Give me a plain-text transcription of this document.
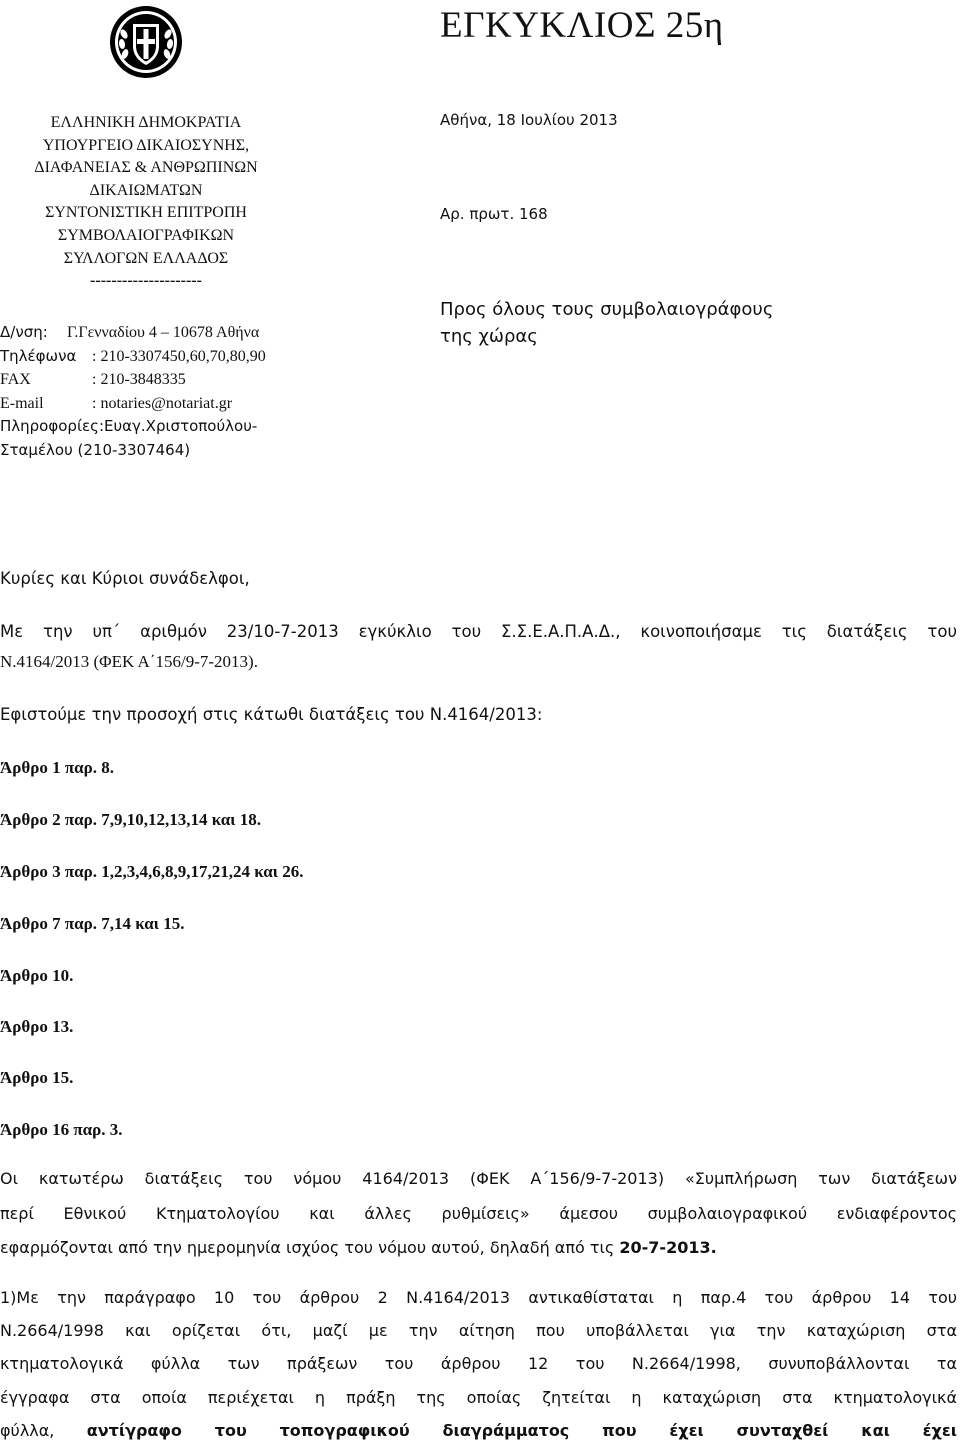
ΕΓΚΥΚΛΙΟΣ 25η
ΕΛΛΗΝΙΚΗ ΔΗΜΟΚΡΑΤΙΑ
ΥΠΟΥΡΓΕΙΟ ΔΙΚΑΙΟΣΥΝΗΣ,
ΔΙΑΦΑΝΕΙΑΣ & ΑΝΘΡΩΠΙΝΩΝ
ΔΙΚΑΙΩΜΑΤΩΝ
ΣΥΝΤΟΝΙΣΤΙΚΗ ΕΠΙΤΡΟΠΗ
ΣΥΜΒΟΛΑΙΟΓΡΑΦΙΚΩΝ
ΣΥΛΛΟΓΩΝ ΕΛΛΑΔΟΣ
---------------------
Δ/νση:	Γ.Γενναδίου 4 – 10678 Αθήνα
Τηλέφωνα : 210-3307450,60,70,80,90
FAX	: 210-3848335
E-mail	: notaries@notariat.gr
Πληροφορίες:Ευαγ.Χριστοπούλου-
Σταμέλου (210-3307464)
Αθήνα, 18 Ιουλίου 2013
Αρ. πρωτ. 168
Προς όλους τους συμβολαιογράφους
της χώρας
Κυρίες και Κύριοι συνάδελφοι,
Με την υπ΄ αριθμόν 23/10-7-2013 εγκύκλιο του Σ.Σ.Ε.Α.Π.Α.Δ., κοινοποιήσαμε τις διατάξεις του
Ν.4164/2013 (ΦΕΚ Α΄156/9-7-2013).
Εφιστούμε την προσοχή στις κάτωθι διατάξεις του Ν.4164/2013:
Άρθρο 1 παρ. 8.
Άρθρο 2 παρ. 7,9,10,12,13,14 και 18.
Άρθρο 3 παρ. 1,2,3,4,6,8,9,17,21,24 και 26.
Άρθρο 7 παρ. 7,14 και 15.
Άρθρο 10.
Άρθρο 13.
Άρθρο 15.
Άρθρο 16 παρ. 3.
Οι κατωτέρω διατάξεις του νόμου 4164/2013 (ΦΕΚ Α΄156/9-7-2013) «Συμπλήρωση των διατάξεων
περί Εθνικού Κτηματολογίου και άλλες ρυθμίσεις» άμεσου συμβολαιογραφικού ενδιαφέροντος
εφαρμόζονται από την ημερομηνία ισχύος του νόμου αυτού, δηλαδή από τις 20-7-2013.
1)Με την παράγραφο 10 του άρθρου 2 Ν.4164/2013 αντικαθίσταται η παρ.4 του άρθρου 14 του
Ν.2664/1998 και ορίζεται ότι, μαζί με την αίτηση που υποβάλλεται για την καταχώριση στα
κτηματολογικά φύλλα των πράξεων του άρθρου 12 του Ν.2664/1998, συνυποβάλλονται τα
έγγραφα στα οποία περιέχεται η πράξη της οποίας ζητείται η καταχώριση στα κτηματολογικά
φύλλα, αντίγραφο του τοπογραφικού διαγράμματος που έχει συνταχθεί και έχει
